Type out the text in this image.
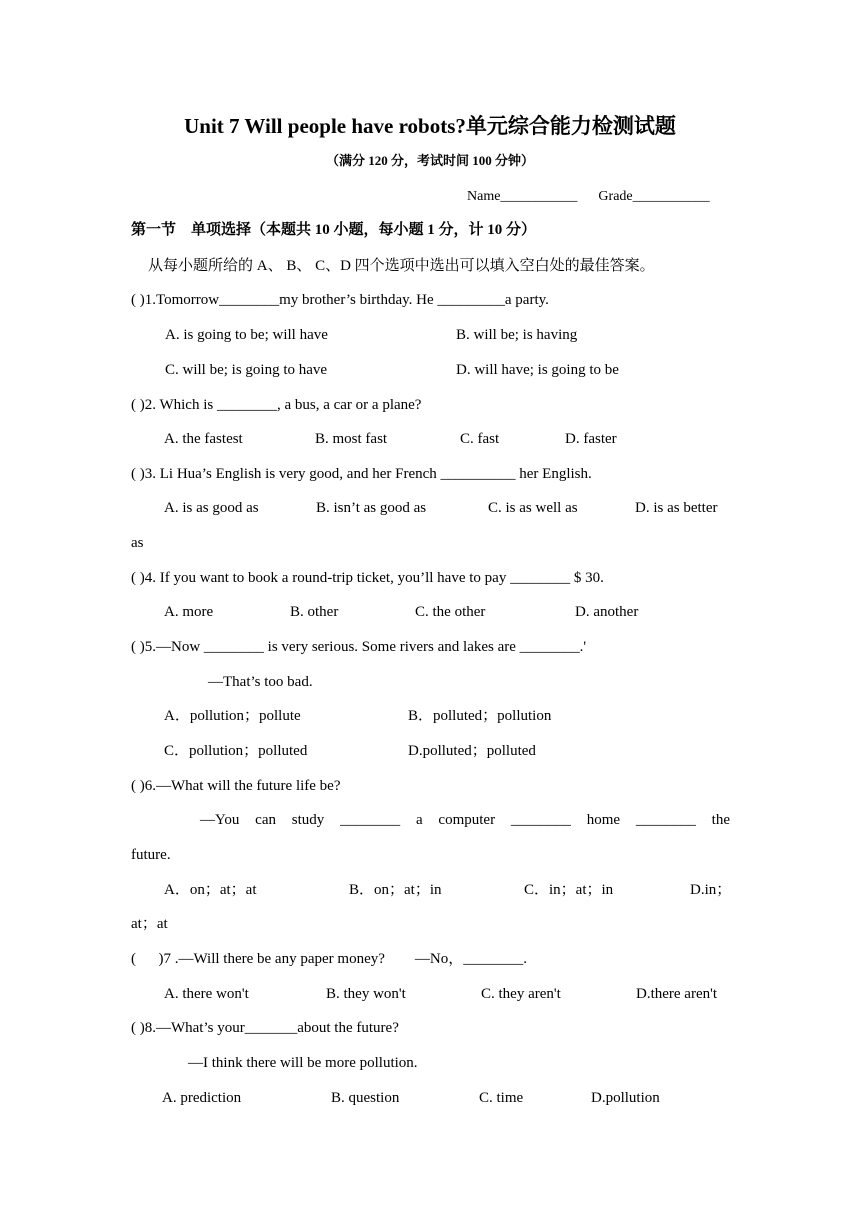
Unit 7 Will people have robots?单元综合能力检测试题
（满分 120 分，考试时间 100 分钟）
Name___________      Grade___________
第一节    单项选择（本题共 10 小题，每小题 1 分，计 10 分）
从每小题所给的 A、 B、 C、D 四个选项中选出可以填入空白处的最佳答案。
( )1.Tomorrow________my brother’s birthday. He _________a party.
A. is going to be; will have	B. will be; is having
C. will be; is going to have	D. will have; is going to be
( )2. Which is ________, a bus, a car or a plane?
A. the fastest	B. most fast	C. fast	D. faster
( )3. Li Hua’s English is very good, and her French __________ her English.
A. is as good as	B. isn’t as good as	C. is as well as	D. is as better
as
( )4. If you want to book a round-trip ticket, you’ll have to pay ________ $ 30.
A. more	B. other	C. the other	D. another
( )5.—Now ________ is very serious. Some rivers and lakes are ________.'
—That’s too bad.
A．pollution；pollute	B．polluted；pollution
C．pollution；polluted	D.polluted；polluted
( )6.—What will the future life be?
—You can study ________ a computer ________ home ________ the
future.
A．on；at；at	B．on；at；in	C．in；at；in	D.in；
at；at
(      )7 .—Will there be any paper money?        —No，________.
A. there won't	B. they won't	C. they aren't	D.there aren't
( )8.—What’s your_______about the future?
—I think there will be more pollution.
A. prediction	B. question	C. time	D.pollution
